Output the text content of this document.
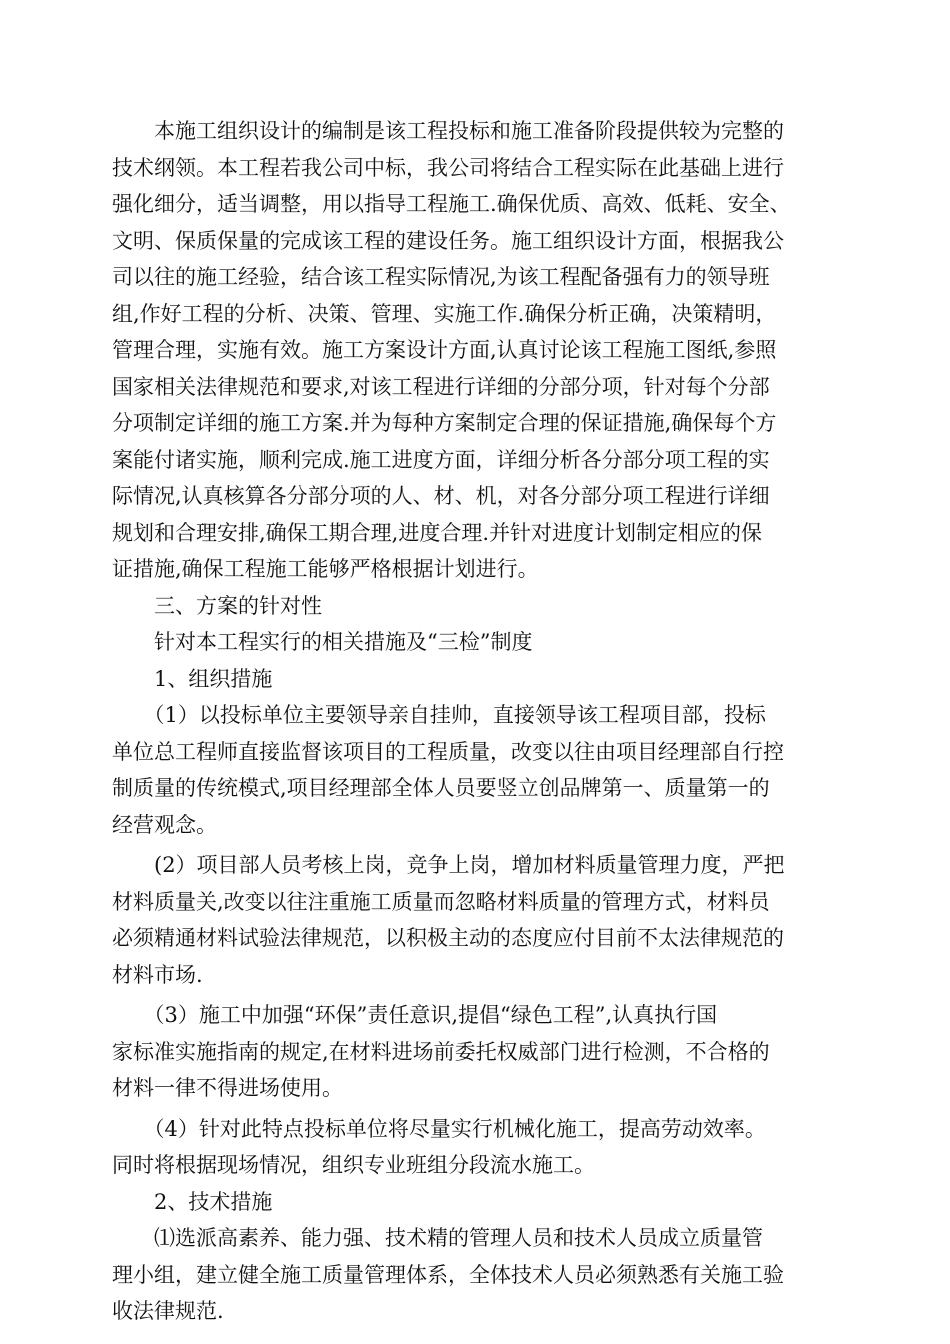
　　本施工组织设计的编制是该工程投标和施工准备阶段提供较为完整的
技术纲领。本工程若我公司中标，我公司将结合工程实际在此基础上进行
强化细分，适当调整，用以指导工程施工.确保优质、高效、低耗、安全、
文明、保质保量的完成该工程的建设任务。施工组织设计方面，根据我公
司以往的施工经验，结合该工程实际情况,为该工程配备强有力的领导班
组,作好工程的分析、决策、管理、实施工作.确保分析正确，决策精明，
管理合理，实施有效。施工方案设计方面,认真讨论该工程施工图纸,参照
国家相关法律规范和要求,对该工程进行详细的分部分项，针对每个分部
分项制定详细的施工方案.并为每种方案制定合理的保证措施,确保每个方
案能付诸实施，顺利完成.施工进度方面，详细分析各分部分项工程的实
际情况,认真核算各分部分项的人、材、机，对各分部分项工程进行详细
规划和合理安排,确保工期合理,进度合理.并针对进度计划制定相应的保
证措施,确保工程施工能够严格根据计划进行。
　　三、方案的针对性
　　针对本工程实行的相关措施及“三检”制度
　　1、组织措施
　　（1）以投标单位主要领导亲自挂帅，直接领导该工程项目部，投标
单位总工程师直接监督该项目的工程质量，改变以往由项目经理部自行控
制质量的传统模式,项目经理部全体人员要竖立创品牌第一、质量第一的
经营观念。
　　(2）项目部人员考核上岗，竞争上岗，增加材料质量管理力度，严把
材料质量关,改变以往注重施工质量而忽略材料质量的管理方式，材料员
必须精通材料试验法律规范，以积极主动的态度应付目前不太法律规范的
材料市场.
　　（3）施工中加强“环保”责任意识,提倡“绿色工程”,认真执行国
家标准实施指南的规定,在材料进场前委托权威部门进行检测，不合格的
材料一律不得进场使用。
　　（4）针对此特点投标单位将尽量实行机械化施工，提高劳动效率。
同时将根据现场情况，组织专业班组分段流水施工。
　　2、技术措施
　　⑴选派高素养、能力强、技术精的管理人员和技术人员成立质量管
理小组，建立健全施工质量管理体系，全体技术人员必须熟悉有关施工验
收法律规范.
